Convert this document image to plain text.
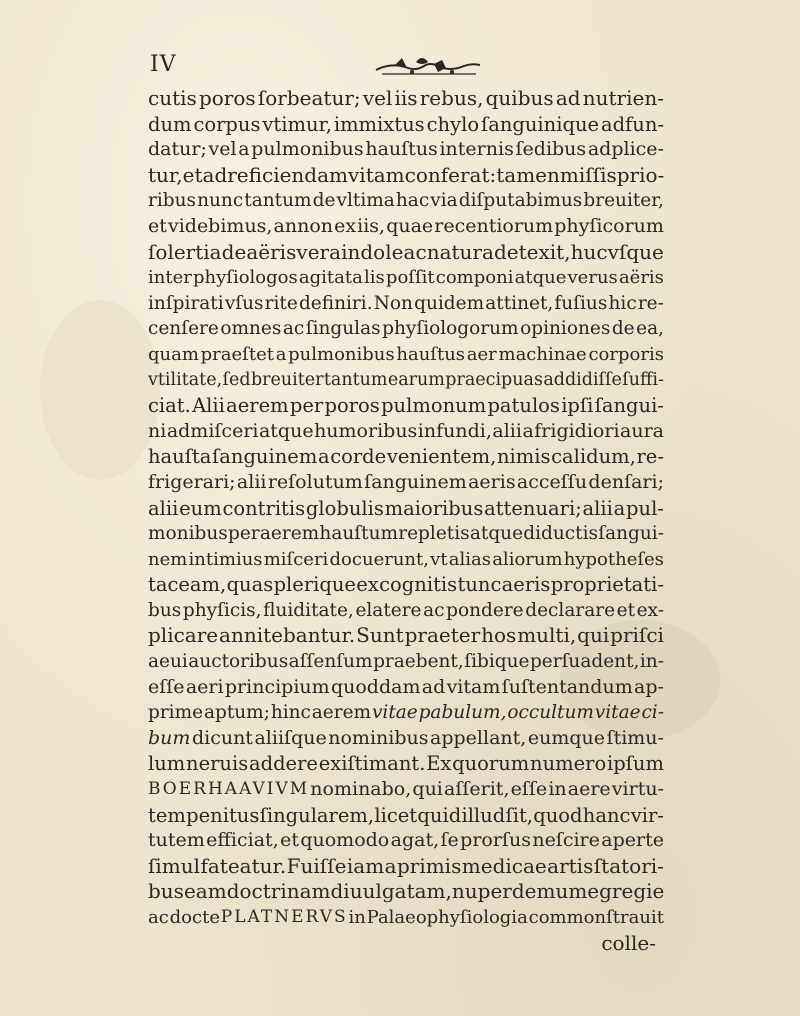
IV
cutis poros ſorbeatur; vel iis rebus, quibus ad nutrien-
dum corpus vtimur, immixtus chylo ſanguinique adfun-
datur; vel a pulmonibus hauſtus internis ſedibus adplice-
tur, et ad reficiendam vitam conferat: tamen miſſis prio-
ribus nunc tantum de vltima hac via diſputabimus breuiter,
et videbimus, annon ex iis, quae recentiorum phyſicorum
ſolertia de aëris vera indole ac natura detexit, huc vſque
inter phyſiologos agitata lis poſſit componi atque verus aëris
inſpirati vſus rite definiri. Non quidem attinet, fuſius hic re-
cenſere omnes ac ſingulas phyſiologorum opiniones de ea,
quam praeſtet a pulmonibus hauſtus aer machinae corporis
vtilitate, ſed breuiter tantum earum praecipuas addidiſſe ſuffi-
ciat. Alii aerem per poros pulmonum patulos ipſi ſangui-
ni admiſceri atque humoribus infundi, alii a frigidiori aura
hauſta ſanguinem a corde venientem, nimis calidum, re-
frigerari; alii reſolutum ſanguinem aeris acceſſu denſari;
alii eum contritis globulis maioribus attenuari; alii a pul-
monibus per aerem hauſtum repletis atque diductis ſangui-
nem intimius miſceri docuerunt, vt alias aliorum hypotheſes
taceam, quas plerique ex cognitis tunc aeris proprietati-
bus phyſicis, fluiditate, elatere ac pondere declarare et ex-
plicare annitebantur. Sunt praeter hos multi, qui priſci
aeui auctoribus aſſenſum praebent, ſibique perſuadent, in-
eſſe aeri principium quoddam ad vitam ſuſtentandum ap-
prime aptum; hinc aerem vitae pabulum, occultum vitae ci-
bum dicunt aliiſque nominibus appellant, eumque ſtimu-
lum neruis addere exiſtimant. Ex quorum numero ipſum
BOERHAAVIVM nominabo, qui aſſerit, eſſe in aere virtu-
tem penitus ſingularem, licet quid illud ſit, quod hanc vir-
tutem efficiat, et quomodo agat, ſe prorſus neſcire aperte
ſimul fateatur. Fuiſſe iam a primis medicae artis ſtatori-
bus eam doctrinam diuulgatam, nuper demum egregie
ac docte PLATNERVS in Palaeophyſiologia commonſtrauit
colle-
